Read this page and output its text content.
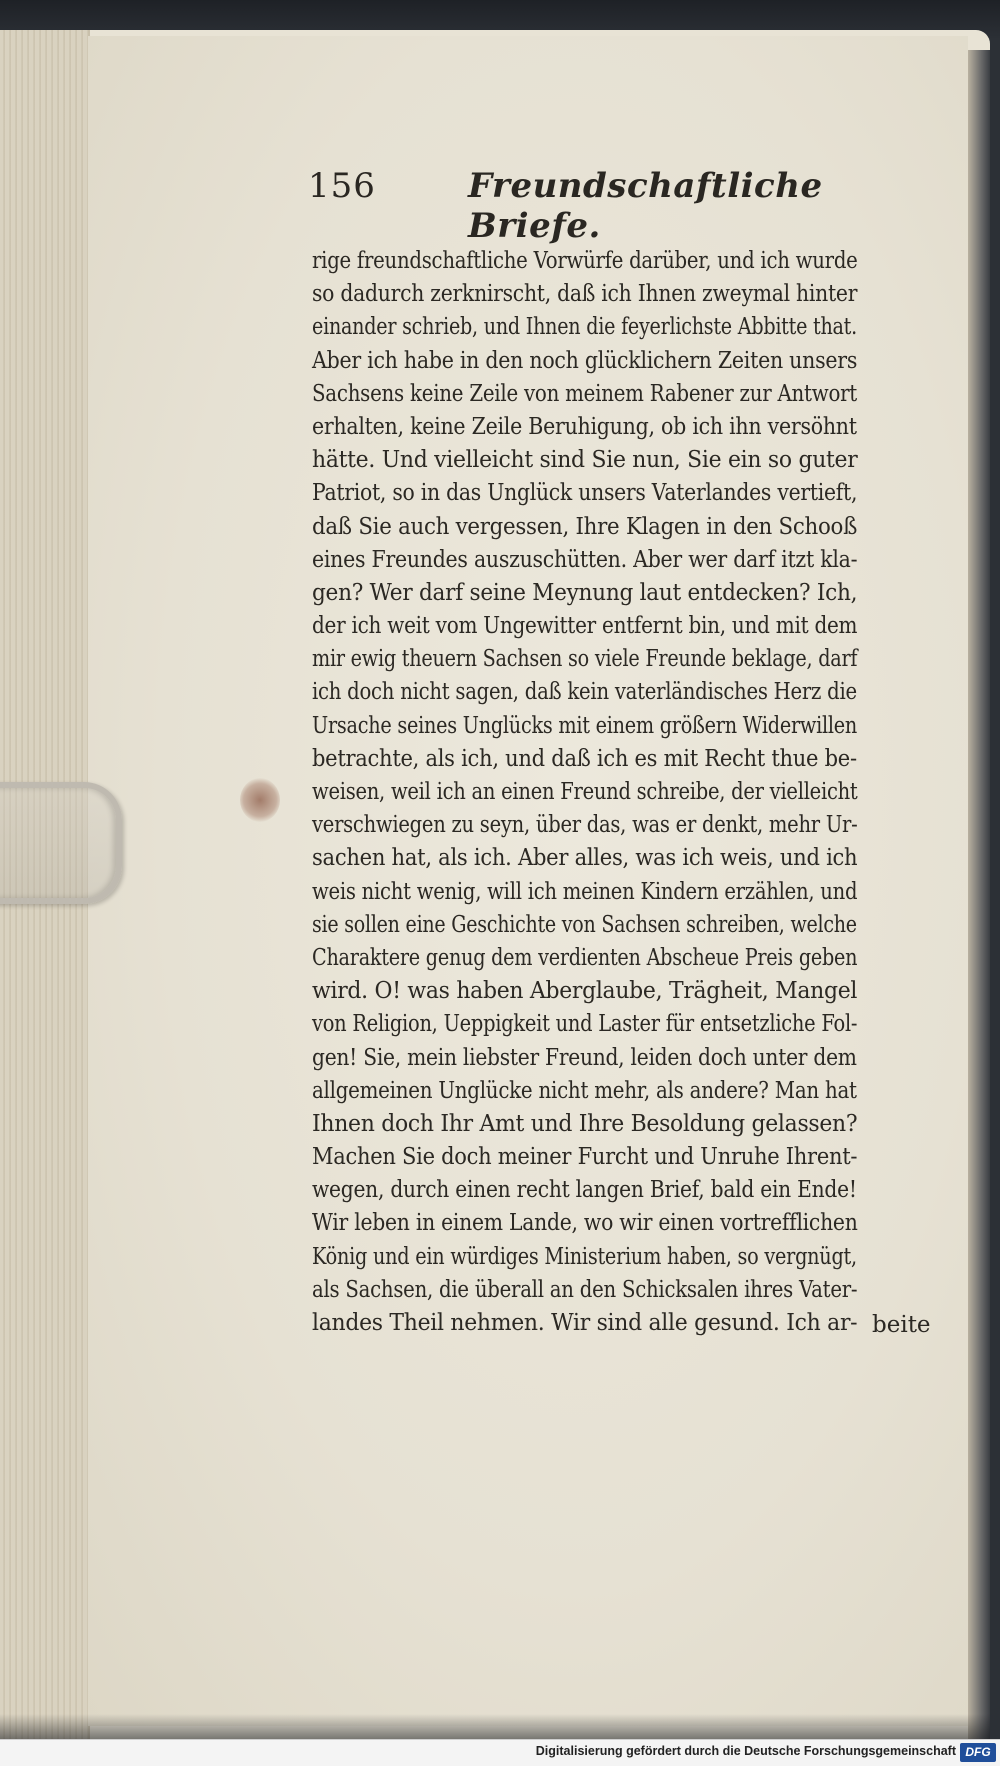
156	Freundschaftliche Briefe.
rige freundschaftliche Vorwürfe darüber, und ich wurde
so dadurch zerknirscht, daß ich Ihnen zweymal hinter
einander schrieb, und Ihnen die feyerlichste Abbitte that.
Aber ich habe in den noch glücklichern Zeiten unsers
Sachsens keine Zeile von meinem Rabener zur Antwort
erhalten, keine Zeile Beruhigung, ob ich ihn versöhnt
hätte. Und vielleicht sind Sie nun, Sie ein so guter
Patriot, so in das Unglück unsers Vaterlandes vertieft,
daß Sie auch vergessen, Ihre Klagen in den Schooß
eines Freundes auszuschütten. Aber wer darf itzt kla-
gen? Wer darf seine Meynung laut entdecken? Ich,
der ich weit vom Ungewitter entfernt bin, und mit dem
mir ewig theuern Sachsen so viele Freunde beklage, darf
ich doch nicht sagen, daß kein vaterländisches Herz die
Ursache seines Unglücks mit einem größern Widerwillen
betrachte, als ich, und daß ich es mit Recht thue be-
weisen, weil ich an einen Freund schreibe, der vielleicht
verschwiegen zu seyn, über das, was er denkt, mehr Ur-
sachen hat, als ich. Aber alles, was ich weis, und ich
weis nicht wenig, will ich meinen Kindern erzählen, und
sie sollen eine Geschichte von Sachsen schreiben, welche
Charaktere genug dem verdienten Abscheue Preis geben
wird. O! was haben Aberglaube, Trägheit, Mangel
von Religion, Ueppigkeit und Laster für entsetzliche Fol-
gen! Sie, mein liebster Freund, leiden doch unter dem
allgemeinen Unglücke nicht mehr, als andere? Man hat
Ihnen doch Ihr Amt und Ihre Besoldung gelassen?
Machen Sie doch meiner Furcht und Unruhe Ihrent-
wegen, durch einen recht langen Brief, bald ein Ende!
Wir leben in einem Lande, wo wir einen vortrefflichen
König und ein würdiges Ministerium haben, so vergnügt,
als Sachsen, die überall an den Schicksalen ihres Vater-
landes Theil nehmen. Wir sind alle gesund. Ich ar- beite
Digitalisierung gefördert durch die Deutsche Forschungsgemeinschaft DFG
